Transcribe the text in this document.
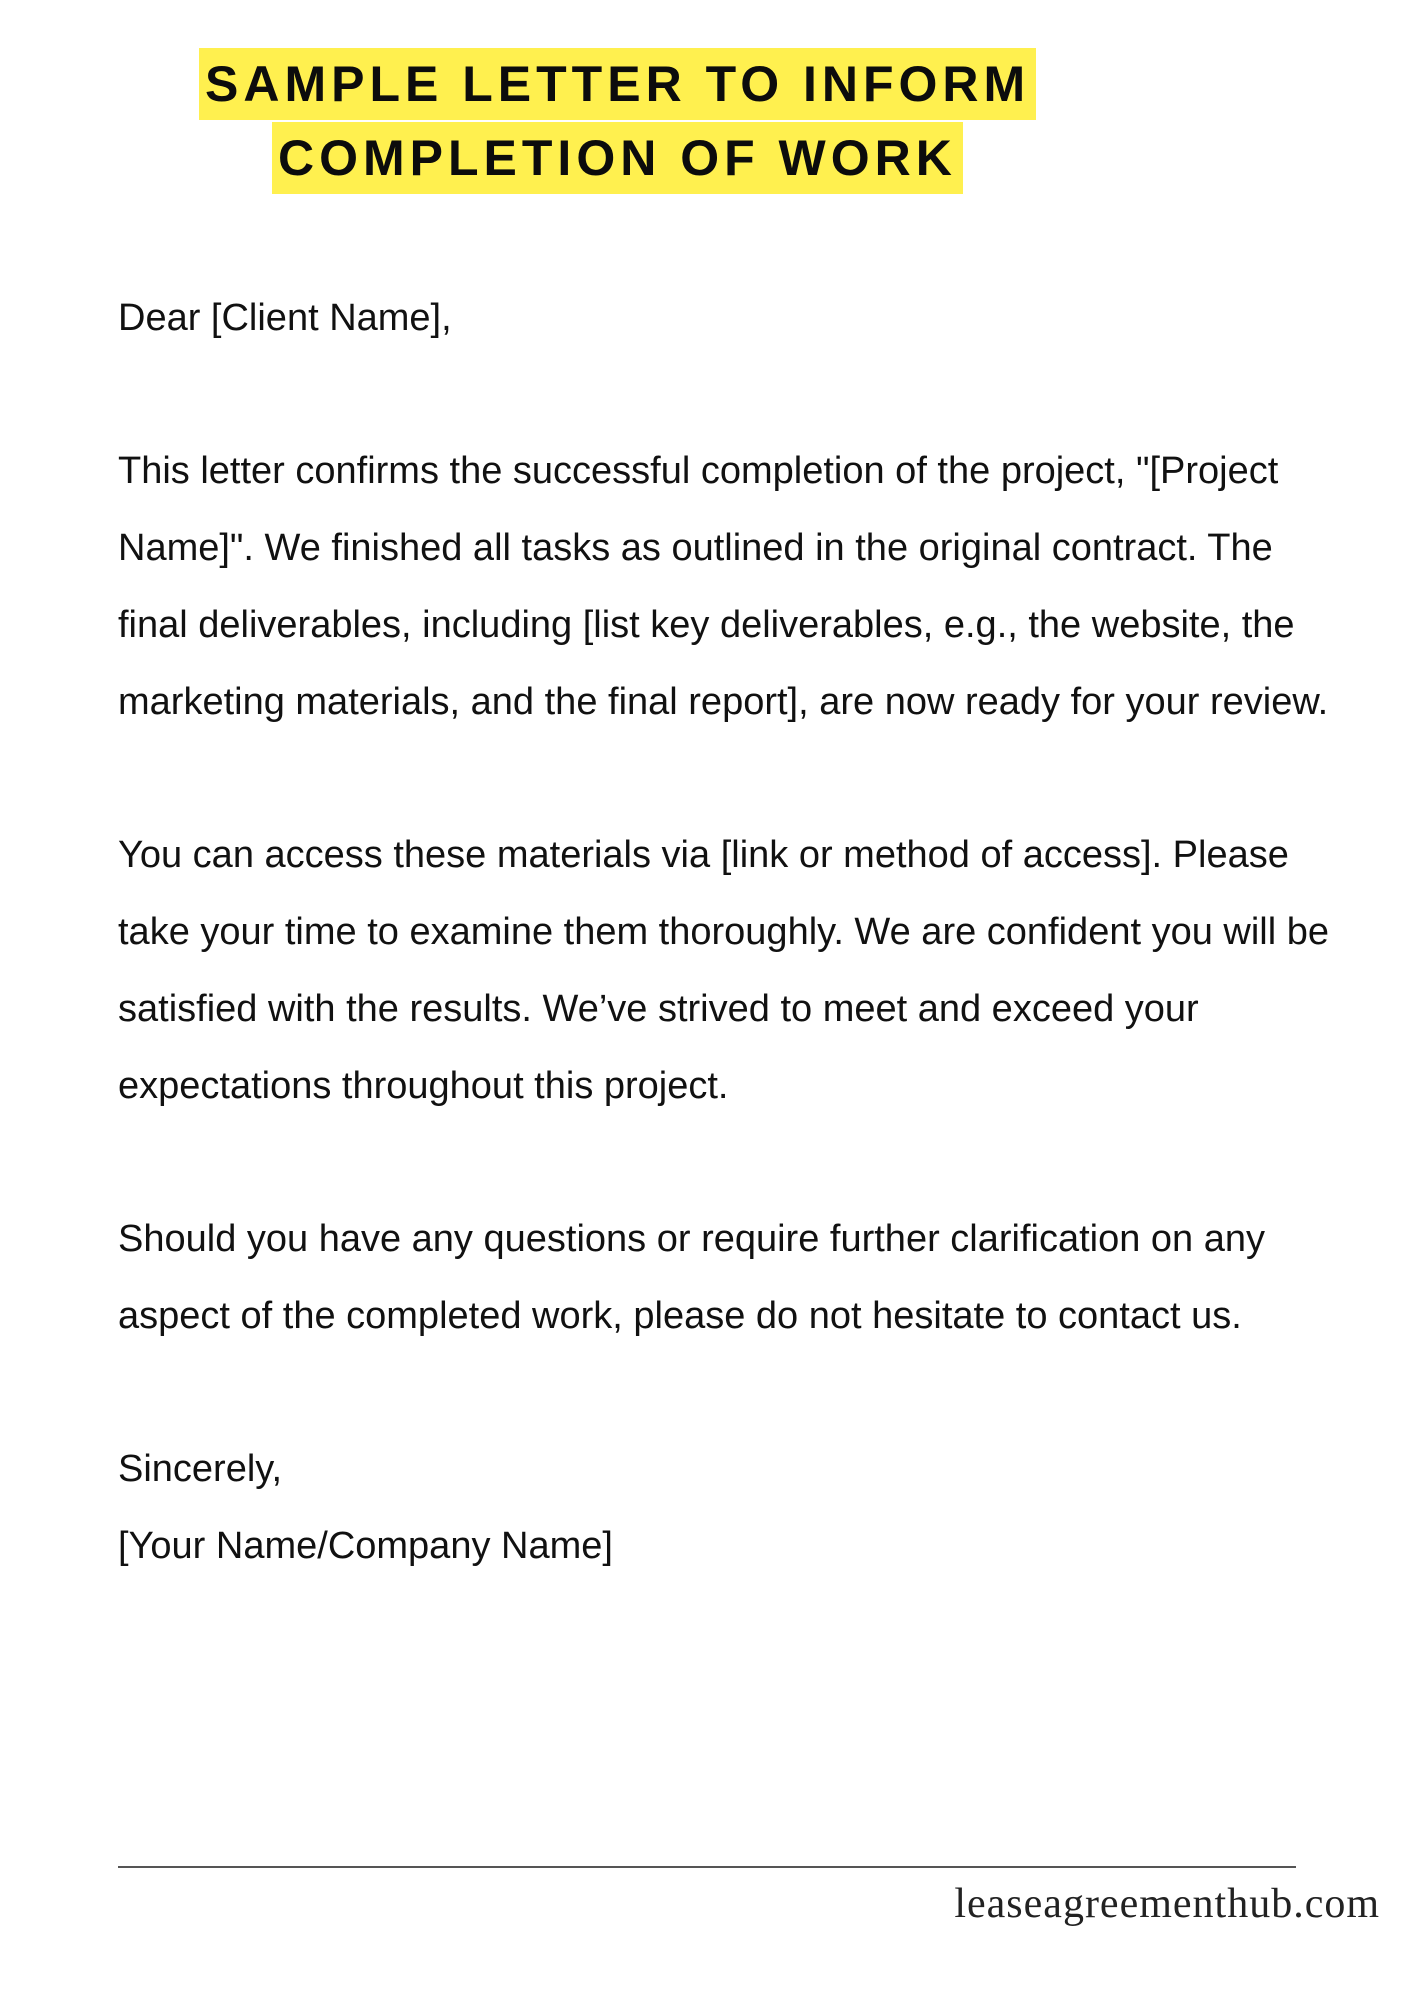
SAMPLE LETTER TO INFORM
COMPLETION OF WORK

Dear [Client Name],

This letter confirms the successful completion of the project, "[Project Name]". We finished all tasks as outlined in the original contract. The final deliverables, including [list key deliverables, e.g., the website, the marketing materials, and the final report], are now ready for your review.

You can access these materials via [link or method of access]. Please take your time to examine them thoroughly. We are confident you will be satisfied with the results. We’ve strived to meet and exceed your expectations throughout this project.

Should you have any questions or require further clarification on any aspect of the completed work, please do not hesitate to contact us.

Sincerely,

[Your Name/Company Name]

leaseagreementhub.com
